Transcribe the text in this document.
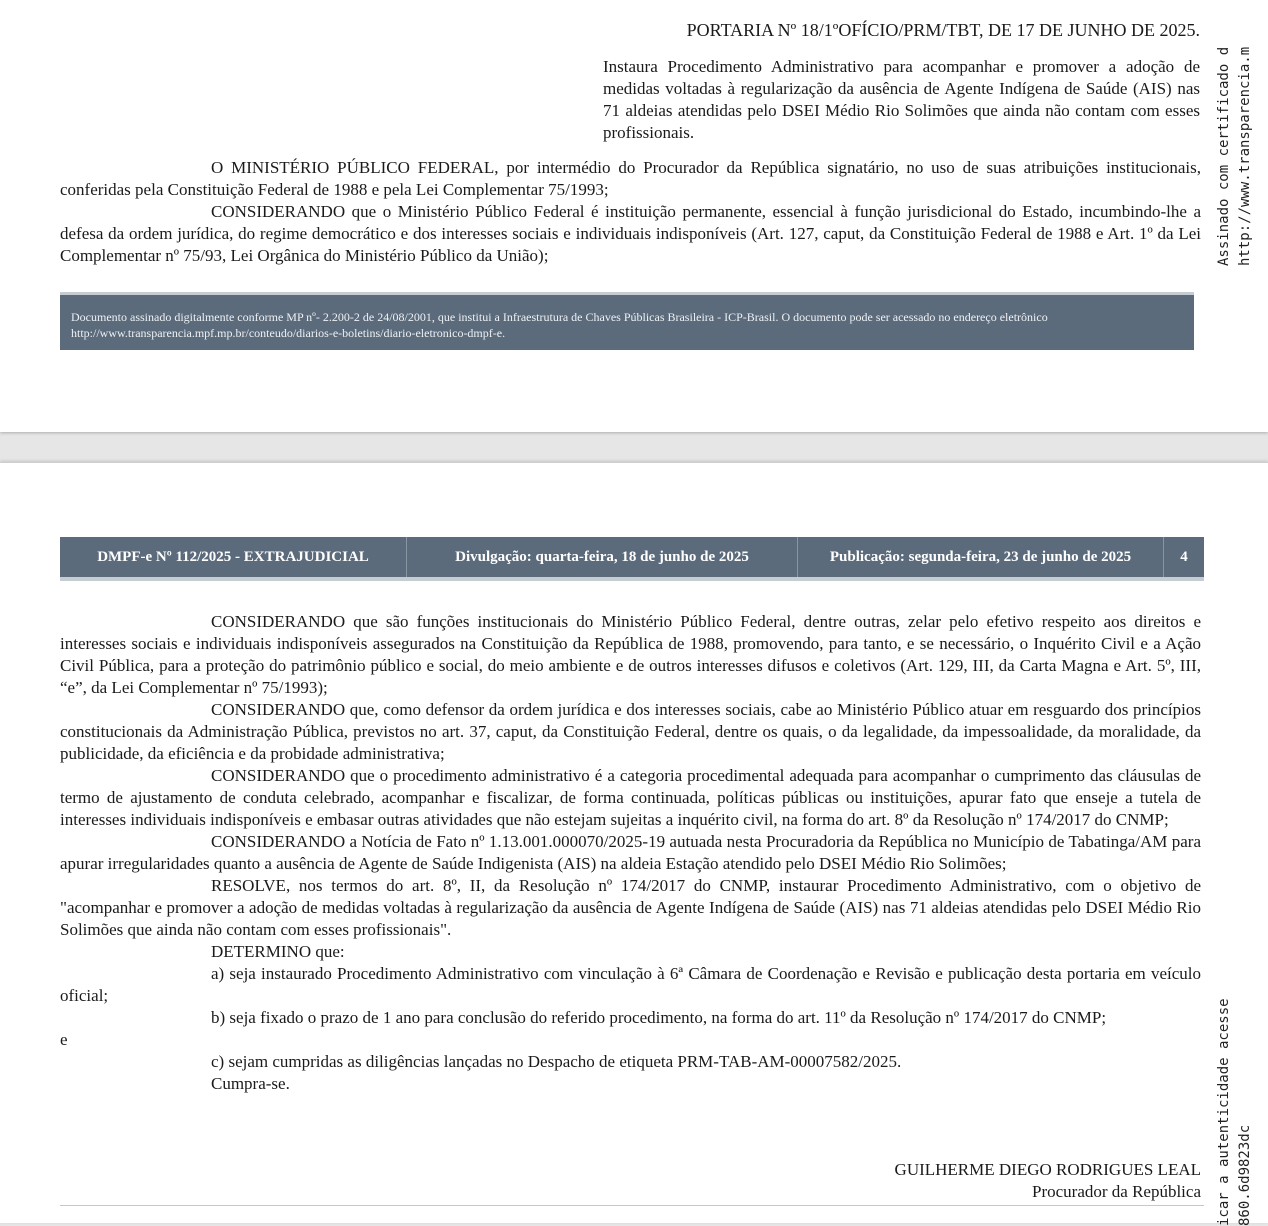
PORTARIA Nº 18/1ºOFÍCIO/PRM/TBT, DE 17 DE JUNHO DE 2025.
Instaura Procedimento Administrativo para acompanhar e promover a adoção de medidas voltadas à regularização da ausência de Agente Indígena de Saúde (AIS) nas 71 aldeias atendidas pelo DSEI Médio Rio Solimões que ainda não contam com esses profissionais.

O MINISTÉRIO PÚBLICO FEDERAL, por intermédio do Procurador da República signatário, no uso de suas atribuições institucionais, conferidas pela Constituição Federal de 1988 e pela Lei Complementar 75/1993;

CONSIDERANDO que o Ministério Público Federal é instituição permanente, essencial à função jurisdicional do Estado, incumbindo-lhe a defesa da ordem jurídica, do regime democrático e dos interesses sociais e individuais indisponíveis (Art. 127, caput, da Constituição Federal de 1988 e Art. 1º da Lei Complementar nº 75/93, Lei Orgânica do Ministério Público da União);

Documento assinado digitalmente conforme MP nº- 2.200-2 de 24/08/2001, que institui a Infraestrutura de Chaves Públicas Brasileira - ICP-Brasil. O documento pode ser acessado no endereço eletrônico http://www.transparencia.mpf.mp.br/conteudo/diarios-e-boletins/diario-eletronico-dmpf-e.
DMPF-e Nº 112/2025 - EXTRAJUDICIAL	Divulgação: quarta-feira, 18 de junho de 2025	Publicação: segunda-feira, 23 de junho de 2025	4

CONSIDERANDO que são funções institucionais do Ministério Público Federal, dentre outras, zelar pelo efetivo respeito aos direitos e interesses sociais e individuais indisponíveis assegurados na Constituição da República de 1988, promovendo, para tanto, e se necessário, o Inquérito Civil e a Ação Civil Pública, para a proteção do patrimônio público e social, do meio ambiente e de outros interesses difusos e coletivos (Art. 129, III, da Carta Magna e Art. 5º, III, “e”, da Lei Complementar nº 75/1993);

CONSIDERANDO que, como defensor da ordem jurídica e dos interesses sociais, cabe ao Ministério Público atuar em resguardo dos princípios constitucionais da Administração Pública, previstos no art. 37, caput, da Constituição Federal, dentre os quais, o da legalidade, da impessoalidade, da moralidade, da publicidade, da eficiência e da probidade administrativa;

CONSIDERANDO que o procedimento administrativo é a categoria procedimental adequada para acompanhar o cumprimento das cláusulas de termo de ajustamento de conduta celebrado, acompanhar e fiscalizar, de forma continuada, políticas públicas ou instituições, apurar fato que enseje a tutela de interesses individuais indisponíveis e embasar outras atividades que não estejam sujeitas a inquérito civil, na forma do art. 8º da Resolução nº 174/2017 do CNMP;

CONSIDERANDO a Notícia de Fato nº 1.13.001.000070/2025-19 autuada nesta Procuradoria da República no Município de Tabatinga/AM para apurar irregularidades quanto a ausência de Agente de Saúde Indigenista (AIS) na aldeia Estação atendido pelo DSEI Médio Rio Solimões;

RESOLVE, nos termos do art. 8º, II, da Resolução nº 174/2017 do CNMP, instaurar Procedimento Administrativo, com o objetivo de "acompanhar e promover a adoção de medidas voltadas à regularização da ausência de Agente Indígena de Saúde (AIS) nas 71 aldeias atendidas pelo DSEI Médio Rio Solimões que ainda não contam com esses profissionais".

DETERMINO que:

a) seja instaurado Procedimento Administrativo com vinculação à 6ª Câmara de Coordenação e Revisão e publicação desta portaria em veículo oficial;

b) seja fixado o prazo de 1 ano para conclusão do referido procedimento, na forma do art. 11º da Resolução nº 174/2017 do CNMP;

e

c) sejam cumpridas as diligências lançadas no Despacho de etiqueta PRM-TAB-AM-00007582/2025.

Cumpra-se.

GUILHERME DIEGO RODRIGUES LEAL
Procurador da República
Assinado com certificado d http://www.transparencia.m
icar a autenticidade acesse 860.6d9823dc
